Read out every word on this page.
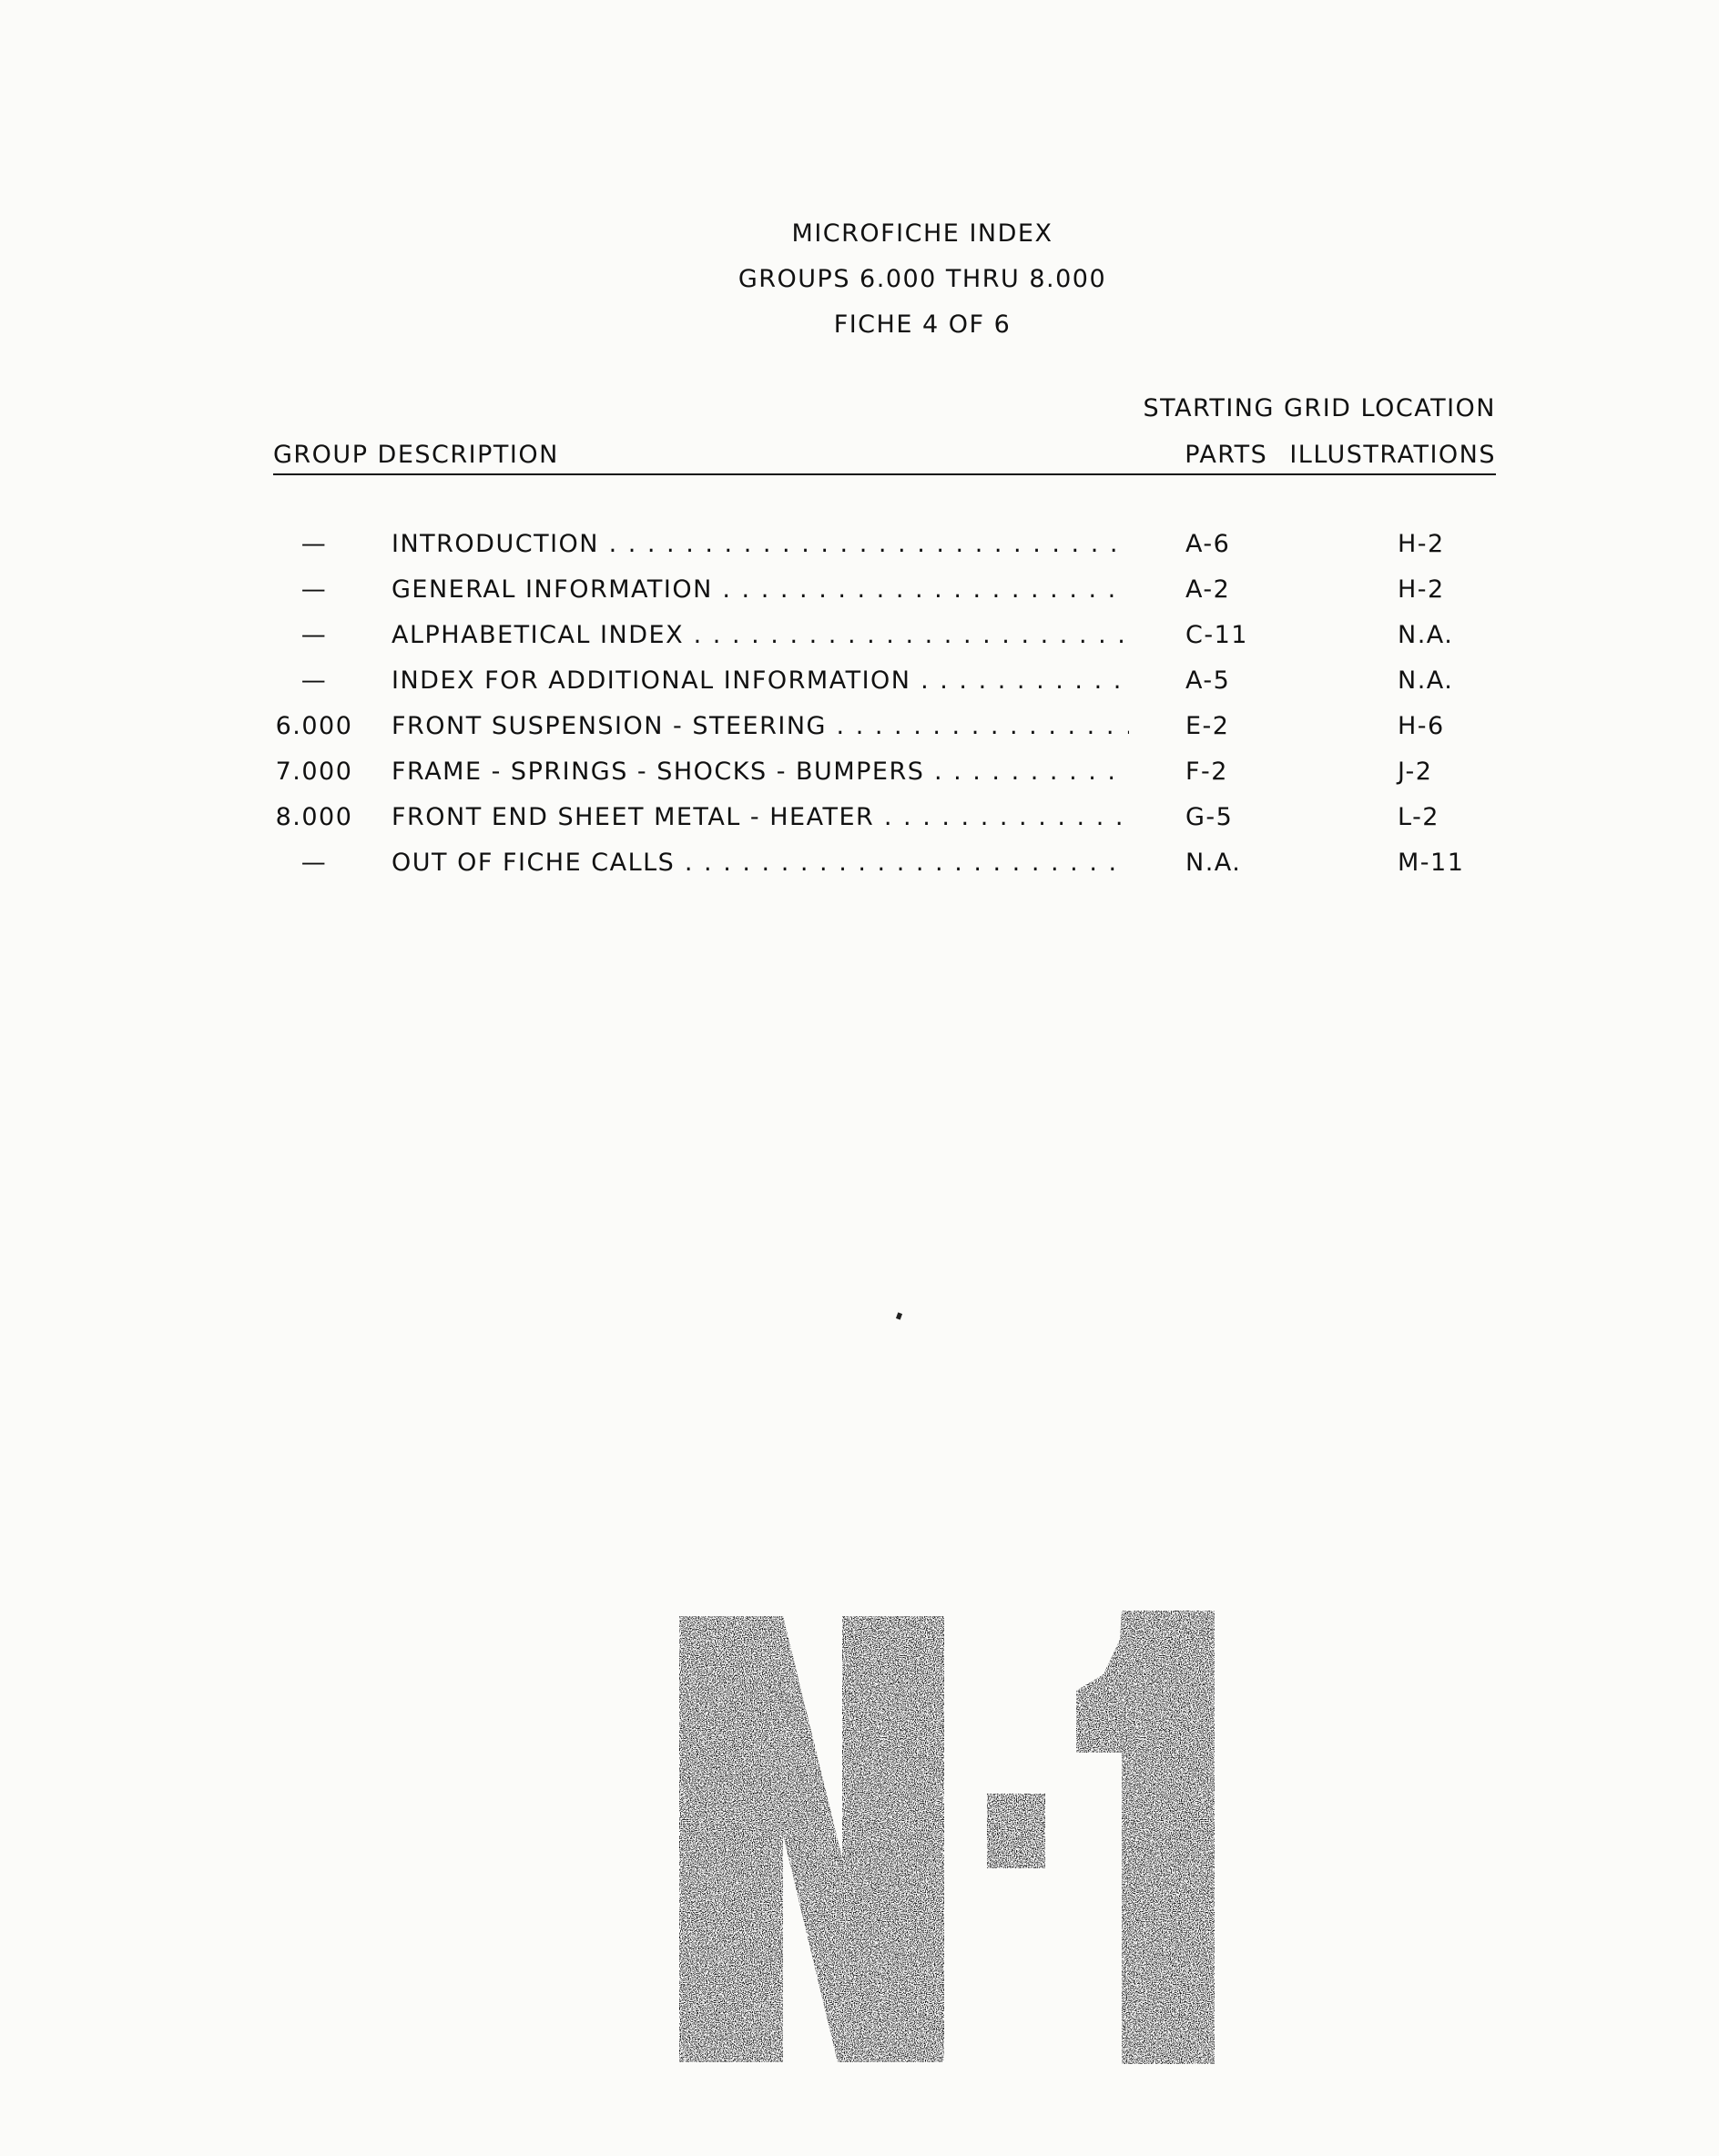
MICROFICHE INDEX
GROUPS 6.000 THRU 8.000
FICHE 4 OF 6
STARTING GRID LOCATION
GROUP DESCRIPTION	PARTS ILLUSTRATIONS
—	INTRODUCTION . . .	A-6	H-2
—	GENERAL INFORMATION . . .	A-2	H-2
—	ALPHABETICAL INDEX . . .	C-11	N.A.
—	INDEX FOR ADDITIONAL INFORMATION . . .	A-5	N.A.
6.000 FRONT SUSPENSION - STEERING . . .	E-2	H-6
7.000 FRAME - SPRINGS - SHOCKS - BUMPERS . . .	F-2	J-2
8.000 FRONT END SHEET METAL - HEATER . . .	G-5	L-2
—	OUT OF FICHE CALLS . . .	N.A.	M-11
